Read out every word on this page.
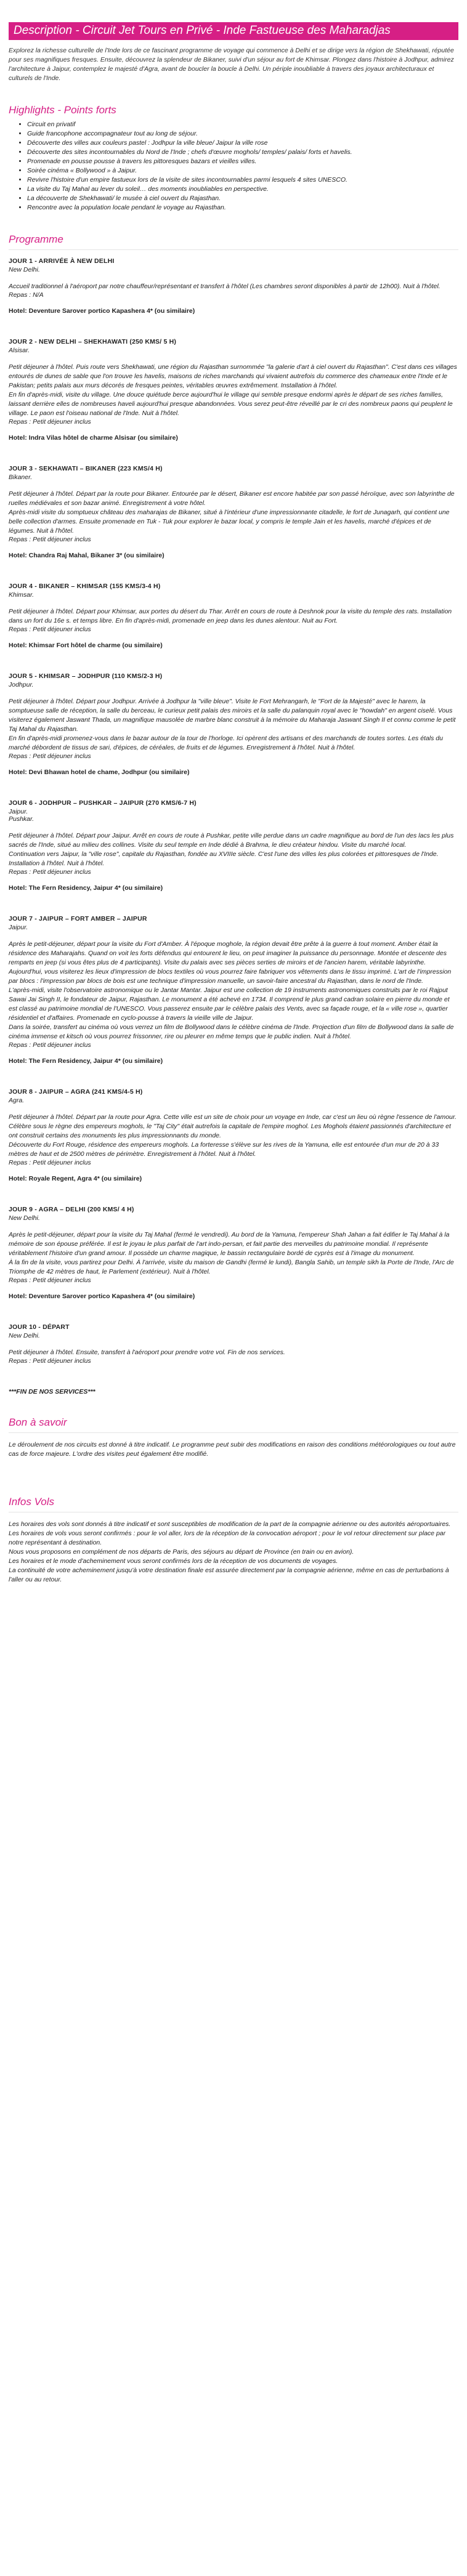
Description - Circuit Jet Tours en Privé - Inde Fastueuse des Maharadjas

Explorez la richesse culturelle de l'Inde lors de ce fascinant programme de voyage qui commence à Delhi et se dirige vers la région de Shekhawati, réputée pour ses magnifiques fresques. Ensuite, découvrez la splendeur de Bikaner, suivi d'un séjour au fort de Khimsar. Plongez dans l'histoire à Jodhpur, admirez l'architecture à Jaipur, contemplez le majesté d'Agra, avant de boucler la boucle à Delhi. Un périple inoubliable à travers des joyaux architecturaux et culturels de l'Inde.

Highlights - Points forts
• Circuit en privatif
• Guide francophone accompagnateur tout au long de séjour.
• Découverte des villes aux couleurs pastel : Jodhpur la ville bleue/ Jaipur la ville rose
• Découverte des sites incontournables du Nord de l'Inde ; chefs d'œuvre moghols/ temples/ palais/ forts et havelis.
• Promenade en pousse pousse à travers les pittoresques bazars et vieilles villes.
• Soirée cinéma « Bollywood » à Jaipur.
• Revivre l'histoire d'un empire fastueux lors de la visite de sites incontournables parmi lesquels 4 sites UNESCO.
• La visite du Taj Mahal au lever du soleil… des moments inoubliables en perspective.
• La découverte de Shekhawati/ le musée à ciel ouvert du Rajasthan.
• Rencontre avec la population locale pendant le voyage au Rajasthan.
Programme

JOUR 1 - ARRIVÉE À NEW DELHI

New Delhi.

Accueil traditionnel à l'aéroport par notre chauffeur/représentant et transfert à l'hôtel (Les chambres seront disponibles à partir de 12h00). Nuit à l'hôtel.

Repas : N/A

Hotel: Deventure Sarover portico Kapashera 4* (ou similaire)

JOUR 2 - NEW DELHI – SHEKHAWATI (250 KMS/ 5 H)

Alsisar.

Petit déjeuner à l'hôtel. Puis route vers Shekhawati, une région du Rajasthan surnommée "la galerie d'art à ciel ouvert du Rajasthan". C'est dans ces villages entourés de dunes de sable que l'on trouve les havelis, maisons de riches marchands qui vivaient autrefois du commerce des chameaux entre l'Inde et le Pakistan; petits palais aux murs décorés de fresques peintes, véritables œuvres extrêmement. Installation à l'hôtel.
En fin d'après-midi, visite du village. Une douce quiétude berce aujourd'hui le village qui semble presque endormi après le départ de ses riches familles, laissant derrière elles de nombreuses haveli aujourd'hui presque abandonnées. Vous serez peut-être réveillé par le cri des nombreux paons qui peuplent le village. Le paon est l'oiseau national de l'Inde. Nuit à l'hôtel.

Repas : Petit déjeuner inclus

Hotel: Indra Vilas hôtel de charme Alsisar (ou similaire)

JOUR 3 - SEKHAWATI – BIKANER (223 KMS/4 H)

Bikaner.

Petit déjeuner à l'hôtel. Départ par la route pour Bikaner. Entourée par le désert, Bikaner est encore habitée par son passé héroïque, avec son labyrinthe de ruelles médiévales et son bazar animé. Enregistrement à votre hôtel.
Après-midi visite du somptueux château des maharajas de Bikaner, situé à l'intérieur d'une impressionnante citadelle, le fort de Junagarh, qui contient une belle collection d'armes. Ensuite promenade en Tuk - Tuk pour explorer le bazar local, y compris le temple Jain et les havelis, marché d'épices et de légumes. Nuit à l'hôtel.

Repas : Petit déjeuner inclus

Hotel: Chandra Raj Mahal, Bikaner 3* (ou similaire)

JOUR 4 - BIKANER – KHIMSAR (155 KMS/3-4 H)

Khimsar.

Petit déjeuner à l'hôtel. Départ pour Khimsar, aux portes du désert du Thar. Arrêt en cours de route à Deshnok pour la visite du temple des rats. Installation dans un fort du 16e s. et temps libre. En fin d'après-midi, promenade en jeep dans les dunes alentour. Nuit au Fort.

Repas : Petit déjeuner inclus

Hotel: Khimsar Fort hôtel de charme (ou similaire)

JOUR 5 - KHIMSAR – JODHPUR (110 KMS/2-3 H)

Jodhpur.

Petit déjeuner à l'hôtel. Départ pour Jodhpur. Arrivée à Jodhpur la "ville bleue". Visite le Fort Mehrangarh, le "Fort de la Majesté" avec le harem, la somptueuse salle de réception, la salle du berceau, le curieux petit palais des miroirs et la salle du palanquin royal avec le "howdah" en argent ciselé. Vous visiterez également Jaswant Thada, un magnifique mausolée de marbre blanc construit à la mémoire du Maharaja Jaswant Singh II et connu comme le petit Taj Mahal du Rajasthan.
En fin d'après-midi promenez-vous dans le bazar autour de la tour de l'horloge. Ici opèrent des artisans et des marchands de toutes sortes. Les étals du marché débordent de tissus de sari, d'épices, de céréales, de fruits et de légumes. Enregistrement à l'hôtel. Nuit à l'hôtel.

Repas : Petit déjeuner inclus

Hotel: Devi Bhawan hotel de chame, Jodhpur (ou similaire)

JOUR 6 - JODHPUR – PUSHKAR – JAIPUR (270 KMS/6-7 H)

Jaipur.
Pushkar.

Petit déjeuner à l'hôtel. Départ pour Jaipur. Arrêt en cours de route à Pushkar, petite ville perdue dans un cadre magnifique au bord de l'un des lacs les plus sacrés de l'Inde, situé au milieu des collines. Visite du seul temple en Inde dédié à Brahma, le dieu créateur hindou. Visite du marché local.
Continuation vers Jaipur, la "ville rose", capitale du Rajasthan, fondée au XVIIIe siècle. C'est l'une des villes les plus colorées et pittoresques de l'Inde.
Installation à l'hôtel. Nuit à l'hôtel.

Repas : Petit déjeuner inclus

Hotel: The Fern Residency, Jaipur 4* (ou similaire)

JOUR 7 - JAIPUR – FORT AMBER – JAIPUR

Jaipur.

Après le petit-déjeuner, départ pour la visite du Fort d'Amber. À l'époque moghole, la région devait être prête à la guerre à tout moment. Amber était la résidence des Maharajahs. Quand on voit les forts défendus qui entourent le lieu, on peut imaginer la puissance du personnage. Montée et descente des remparts en jeep (si vous êtes plus de 4 participants). Visite du palais avec ses pièces serties de miroirs et de l'ancien harem, véritable labyrinthe. Aujourd'hui, vous visiterez les lieux d'impression de blocs textiles où vous pourrez faire fabriquer vos vêtements dans le tissu imprimé. L'art de l'impression par blocs : l'impression par blocs de bois est une technique d'impression manuelle, un savoir-faire ancestral du Rajasthan, dans le nord de l'Inde.
L'après-midi, visite l'observatoire astronomique ou le Jantar Mantar. Jaipur est une collection de 19 instruments astronomiques construits par le roi Rajput Sawai Jai Singh II, le fondateur de Jaipur, Rajasthan. Le monument a été achevé en 1734. Il comprend le plus grand cadran solaire en pierre du monde et est classé au patrimoine mondial de l'UNESCO. Vous passerez ensuite par le célèbre palais des Vents, avec sa façade rouge, et la « ville rose », quartier résidentiel et d'affaires. Promenade en cyclo-pousse à travers la vieille ville de Jaipur.
Dans la soirée, transfert au cinéma où vous verrez un film de Bollywood dans le célèbre cinéma de l'Inde. Projection d'un film de Bollywood dans la salle de cinéma immense et kitsch où vous pourrez frissonner, rire ou pleurer en même temps que le public indien. Nuit à l'hôtel.

Repas : Petit déjeuner inclus

Hotel: The Fern Residency, Jaipur 4* (ou similaire)

JOUR 8 - JAIPUR – AGRA (241 KMS/4-5 H)

Agra.

Petit déjeuner à l'hôtel. Départ par la route pour Agra. Cette ville est un site de choix pour un voyage en Inde, car c'est un lieu où règne l'essence de l'amour. Célèbre sous le règne des empereurs moghols, le "Taj City" était autrefois la capitale de l'empire moghol. Les Moghols étaient passionnés d'architecture et ont construit certains des monuments les plus impressionnants du monde.
Découverte du Fort Rouge, résidence des empereurs moghols. La forteresse s'élève sur les rives de la Yamuna, elle est entourée d'un mur de 20 à 33 mètres de haut et de 2500 mètres de périmètre. Enregistrement à l'hôtel. Nuit à l'hôtel.

Repas : Petit déjeuner inclus

Hotel: Royale Regent, Agra 4* (ou similaire)

JOUR 9 - AGRA – DELHI (200 KMS/ 4 H)

New Delhi.

Après le petit-déjeuner, départ pour la visite du Taj Mahal (fermé le vendredi). Au bord de la Yamuna, l'empereur Shah Jahan a fait édifier le Taj Mahal à la mémoire de son épouse préférée. Il est le joyau le plus parfait de l'art indo-persan, et fait partie des merveilles du patrimoine mondial. Il représente véritablement l'histoire d'un grand amour. Il possède un charme magique, le bassin rectangulaire bordé de cyprès est à l'image du monument.
À la fin de la visite, vous partirez pour Delhi. À l'arrivée, visite du maison de Gandhi (fermé le lundi), Bangla Sahib, un temple sikh la Porte de l'Inde, l'Arc de Triomphe de 42 mètres de haut, le Parlement (extérieur). Nuit à l'hôtel.

Repas : Petit déjeuner inclus

Hotel: Deventure Sarover portico Kapashera 4* (ou similaire)

JOUR 10 - DÉPART

New Delhi.

Petit déjeuner à l'hôtel. Ensuite, transfert à l'aéroport pour prendre votre vol. Fin de nos services.

Repas : Petit déjeuner inclus

***FIN DE NOS SERVICES***

Bon à savoir

Le déroulement de nos circuits est donné à titre indicatif. Le programme peut subir des modifications en raison des conditions météorologiques ou tout autre cas de force majeure. L'ordre des visites peut également être modifié.

Infos Vols

Les horaires des vols sont donnés à titre indicatif et sont susceptibles de modification de la part de la compagnie aérienne ou des autorités aéroportuaires.
Les horaires de vols vous seront confirmés : pour le vol aller, lors de la réception de la convocation aéroport ; pour le vol retour directement sur place par notre représentant à destination.
Nous vous proposons en complément de nos départs de Paris, des séjours au départ de Province (en train ou en avion).
Les horaires et le mode d'acheminement vous seront confirmés lors de la réception de vos documents de voyages.
La continuité de votre acheminement jusqu'à votre destination finale est assurée directement par la compagnie aérienne, même en cas de perturbations à l'aller ou au retour.
